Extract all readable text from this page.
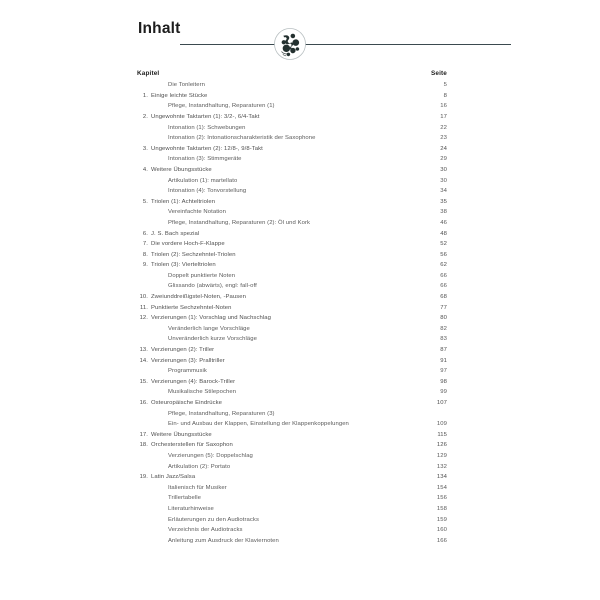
Inhalt
Kapitel	Seite
Die Tonleitern	5
1. Einige leichte Stücke	8
Pflege, Instandhaltung, Reparaturen (1)	16
2. Ungewohnte Taktarten (1): 3/2-, 6/4-Takt	17
Intonation (1): Schwebungen	22
Intonation (2): Intonationscharakteristik der Saxophone	23
3. Ungewohnte Taktarten (2): 12/8-, 9/8-Takt	24
Intonation (3): Stimmgeräte	29
4. Weitere Übungsstücke	30
Artikulation (1): martellato	30
Intonation (4): Tonvorstellung	34
5. Triolen (1): Achteltriolen	35
Vereinfachte Notation	38
Pflege, Instandhaltung, Reparaturen (2): Öl und Kork	46
6. J. S. Bach spezial	48
7. Die vordere Hoch-F-Klappe	52
8. Triolen (2): Sechzehntel-Triolen	56
9. Triolen (3): Vierteltriolen	62
Doppelt punktierte Noten	66
Glissando (abwärts), engl: fall-off	66
10. Zweiunddreißigstel-Noten, -Pausen	68
11. Punktierte Sechzehntel-Noten	77
12. Verzierungen (1): Vorschlag und Nachschlag	80
Veränderlich lange Vorschläge	82
Unveränderlich kurze Vorschläge	83
13. Verzierungen (2): Triller	87
14. Verzierungen (3): Pralltriller	91
Programmusik	97
15. Verzierungen (4): Barock-Triller	98
Musikalische Stilepochen	99
16. Osteuropäische Eindrücke	107
Pflege, Instandhaltung, Reparaturen (3)
Ein- und Ausbau der Klappen, Einstellung der Klappenkoppelungen	109
17. Weitere Übungsstücke	115
18. Orchesterstellen für Saxophon	126
Verzierungen (5): Doppelschlag	129
Artikulation (2): Portato	132
19. Latin Jazz/Salsa	134
Italienisch für Musiker	154
Trillertabelle	156
Literaturhinweise	158
Erläuterungen zu den Audiotracks	159
Verzeichnis der Audiotracks	160
Anleitung zum Ausdruck der Klaviernoten	166
